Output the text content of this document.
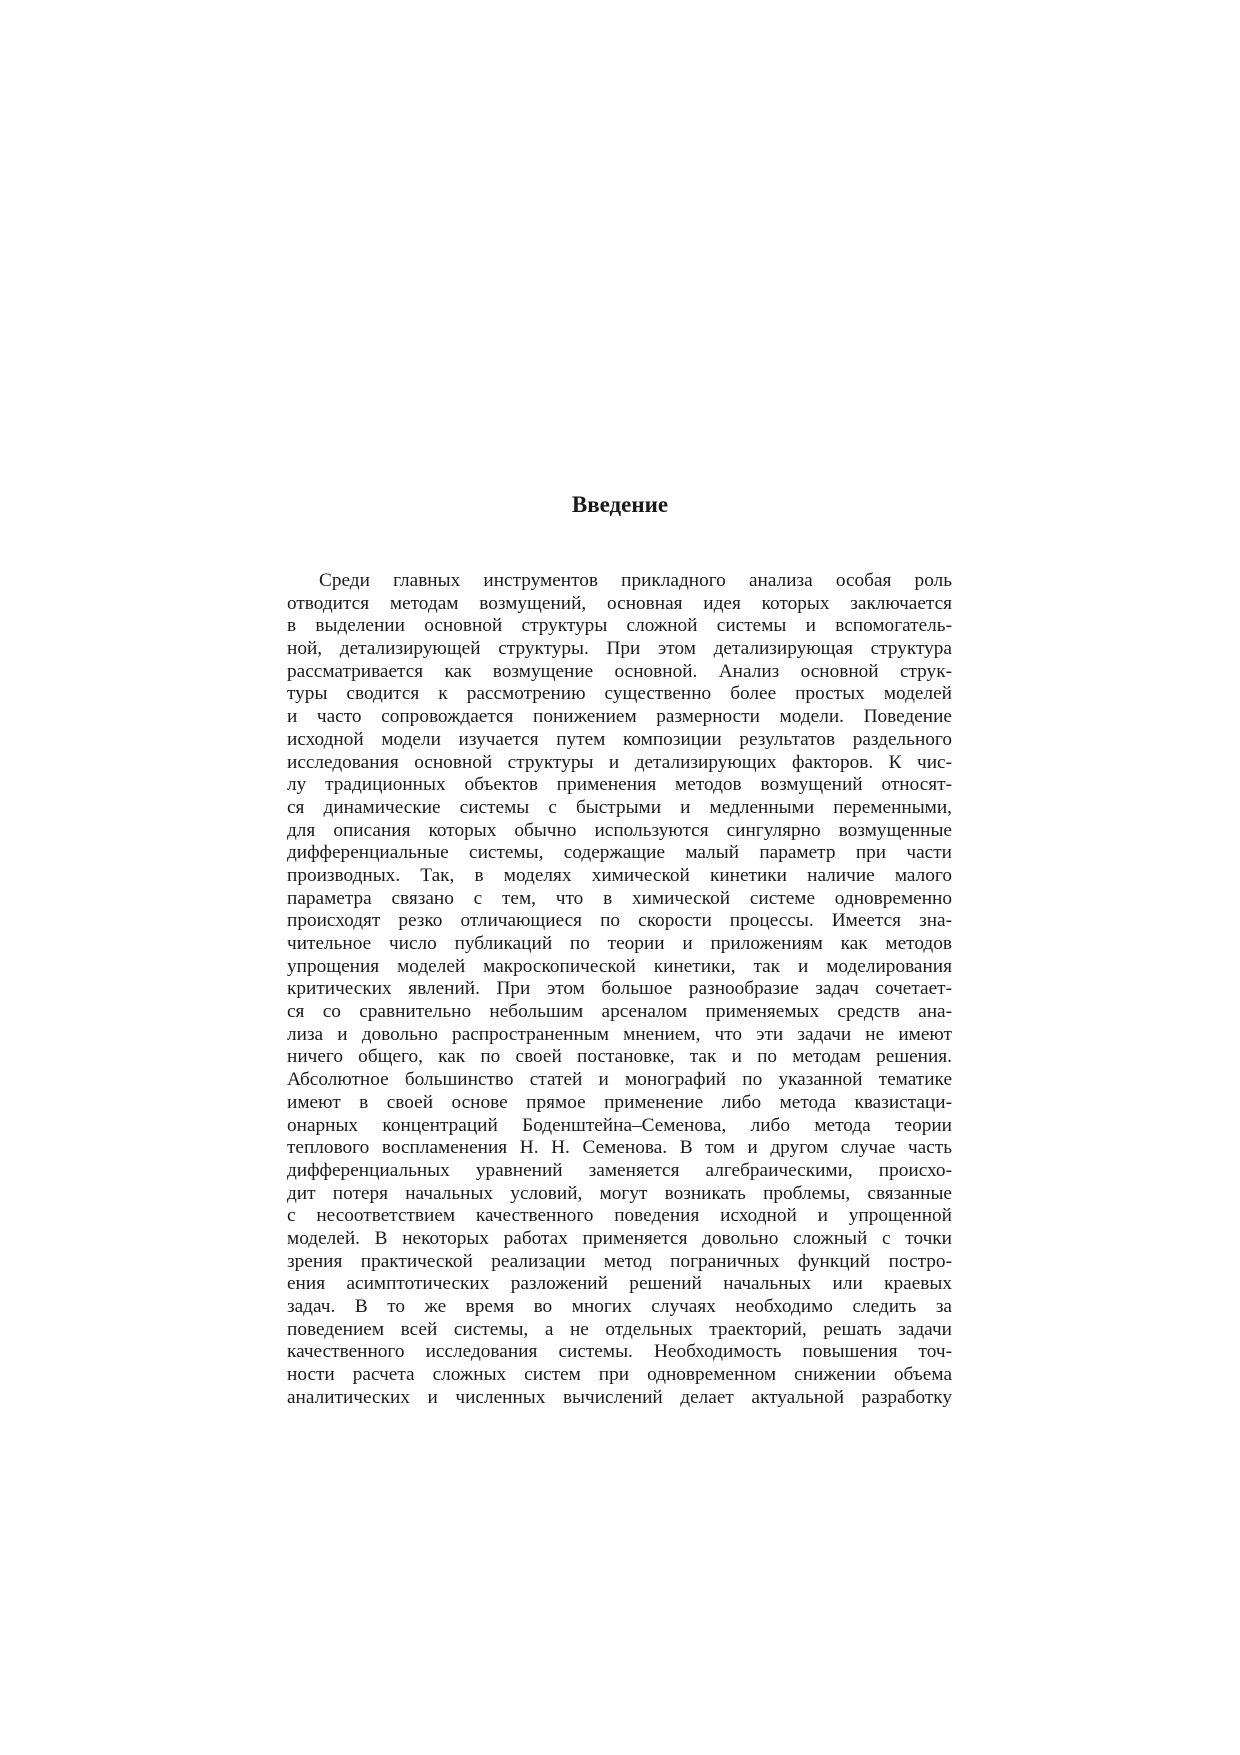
Введение
Среди главных инструментов прикладного анализа особая роль
отводится методам возмущений, основная идея которых заключается
в выделении основной структуры сложной системы и вспомогатель-
ной, детализирующей структуры. При этом детализирующая структура
рассматривается как возмущение основной. Анализ основной струк-
туры сводится к рассмотрению существенно более простых моделей
и часто сопровождается понижением размерности модели. Поведение
исходной модели изучается путем композиции результатов раздельного
исследования основной структуры и детализирующих факторов. К чис-
лу традиционных объектов применения методов возмущений относят-
ся динамические системы с быстрыми и медленными переменными,
для описания которых обычно используются сингулярно возмущенные
дифференциальные системы, содержащие малый параметр при части
производных. Так, в моделях химической кинетики наличие малого
параметра связано с тем, что в химической системе одновременно
происходят резко отличающиеся по скорости процессы. Имеется зна-
чительное число публикаций по теории и приложениям как методов
упрощения моделей макроскопической кинетики, так и моделирования
критических явлений. При этом большое разнообразие задач сочетает-
ся со сравнительно небольшим арсеналом применяемых средств ана-
лиза и довольно распространенным мнением, что эти задачи не имеют
ничего общего, как по своей постановке, так и по методам решения.
Абсолютное большинство статей и монографий по указанной тематике
имеют в своей основе прямое применение либо метода квазистаци-
онарных концентраций Боденштейна–Семенова, либо метода теории
теплового воспламенения Н. Н. Семенова. В том и другом случае часть
дифференциальных уравнений заменяется алгебраическими, происхо-
дит потеря начальных условий, могут возникать проблемы, связанные
с несоответствием качественного поведения исходной и упрощенной
моделей. В некоторых работах применяется довольно сложный с точки
зрения практической реализации метод пограничных функций постро-
ения асимптотических разложений решений начальных или краевых
задач. В то же время во многих случаях необходимо следить за
поведением всей системы, а не отдельных траекторий, решать задачи
качественного исследования системы. Необходимость повышения точ-
ности расчета сложных систем при одновременном снижении объема
аналитических и численных вычислений делает актуальной разработку
